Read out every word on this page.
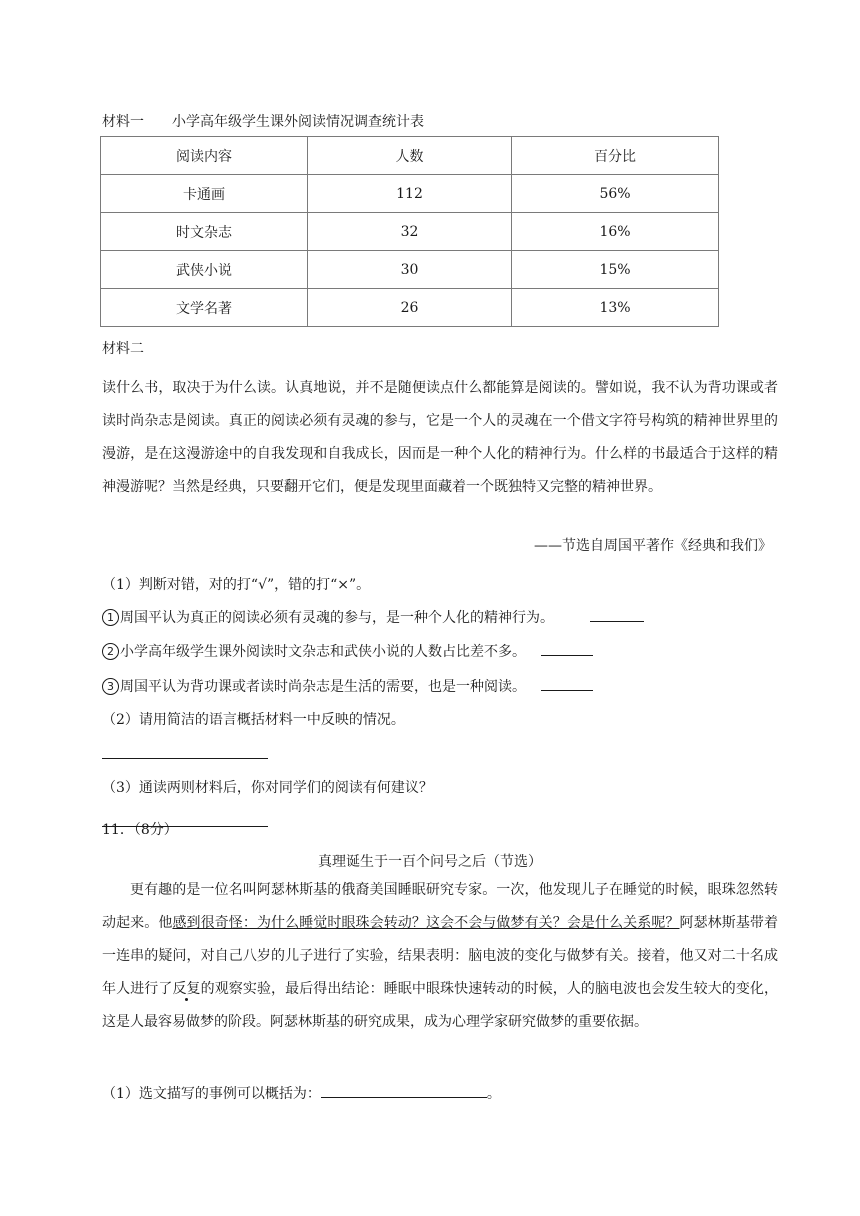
材料一 小学高年级学生课外阅读情况调查统计表
阅读内容	人数	百分比
卡通画	112	56%
时文杂志	32	16%
武侠小说	30	15%
文学名著	26	13%
材料二
读什么书，取决于为什么读。认真地说，并不是随便读点什么都能算是阅读的。譬如说，我不认为背功课或者读时尚杂志是阅读。真正的阅读必须有灵魂的参与，它是一个人的灵魂在一个借文字符号构筑的精神世界里的漫游，是在这漫游途中的自我发现和自我成长，因而是一种个人化的精神行为。什么样的书最适合于这样的精神漫游呢？当然是经典，只要翻开它们，便是发现里面藏着一个既独特又完整的精神世界。
——节选自周国平著作《经典和我们》
（1）判断对错，对的打“√”，错的打“×”。
1 周国平认为真正的阅读必须有灵魂的参与，是一种个人化的精神行为。
2 小学高年级学生课外阅读时文杂志和武侠小说的人数占比差不多。
3 周国平认为背功课或者读时尚杂志是生活的需要，也是一种阅读。
（2）请用简洁的语言概括材料一中反映的情况。
（3）通读两则材料后，你对同学们的阅读有何建议？
11．（8分）
真理诞生于一百个问号之后（节选）
更有趣的是一位名叫阿瑟林斯基的俄裔美国睡眠研究专家。一次，他发现儿子在睡觉的时候，眼珠忽然转动起来。他感到很奇怪：为什么睡觉时眼珠会转动？这会不会与做梦有关？会是什么关系呢？阿瑟林斯基带着一连串的疑问，对自己八岁的儿子进行了实验，结果表明：脑电波的变化与做梦有关。接着，他又对二十名成年人进行了反复的观察实验，最后得出结论：睡眠中眼珠快速转动的时候，人的脑电波也会发生较大的变化，这是人最容易做梦的阶段。阿瑟林斯基的研究成果，成为心理学家研究做梦的重要依据。
（1）选文描写的事例可以概括为：	。
